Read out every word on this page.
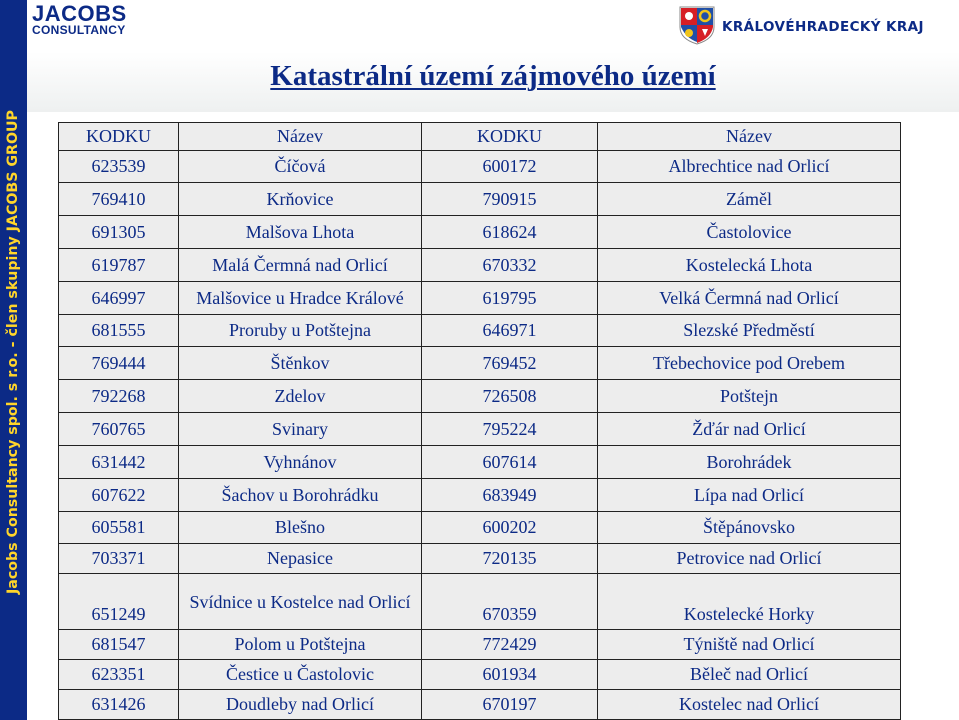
Jacobs Consultancy spol. s r.o. - člen skupiny JACOBS GROUP
JACOBS
CONSULTANCY	KRÁLOVÉHRADECKÝ KRAJ
Katastrální území zájmového území
KODKU	Název	KODKU	Název
623539	Číčová	600172	Albrechtice nad Orlicí
769410	Krňovice	790915	Záměl
691305	Malšova Lhota	618624	Častolovice
619787	Malá Čermná nad Orlicí	670332	Kostelecká Lhota
646997	Malšovice u Hradce Králové	619795	Velká Čermná nad Orlicí
681555	Proruby u Potštejna	646971	Slezské Předměstí
769444	Štěnkov	769452	Třebechovice pod Orebem
792268	Zdelov	726508	Potštejn
760765	Svinary	795224	Žďár nad Orlicí
631442	Vyhnánov	607614	Borohrádek
607622	Šachov u Borohrádku	683949	Lípa nad Orlicí
605581	Blešno	600202	Štěpánovsko
703371	Nepasice	720135	Petrovice nad Orlicí
651249	Svídnice u Kostelce nad Orlicí	670359	Kostelecké Horky
681547	Polom u Potštejna	772429	Týniště nad Orlicí
623351	Čestice u Častolovic	601934	Běleč nad Orlicí
631426	Doudleby nad Orlicí	670197	Kostelec nad Orlicí
